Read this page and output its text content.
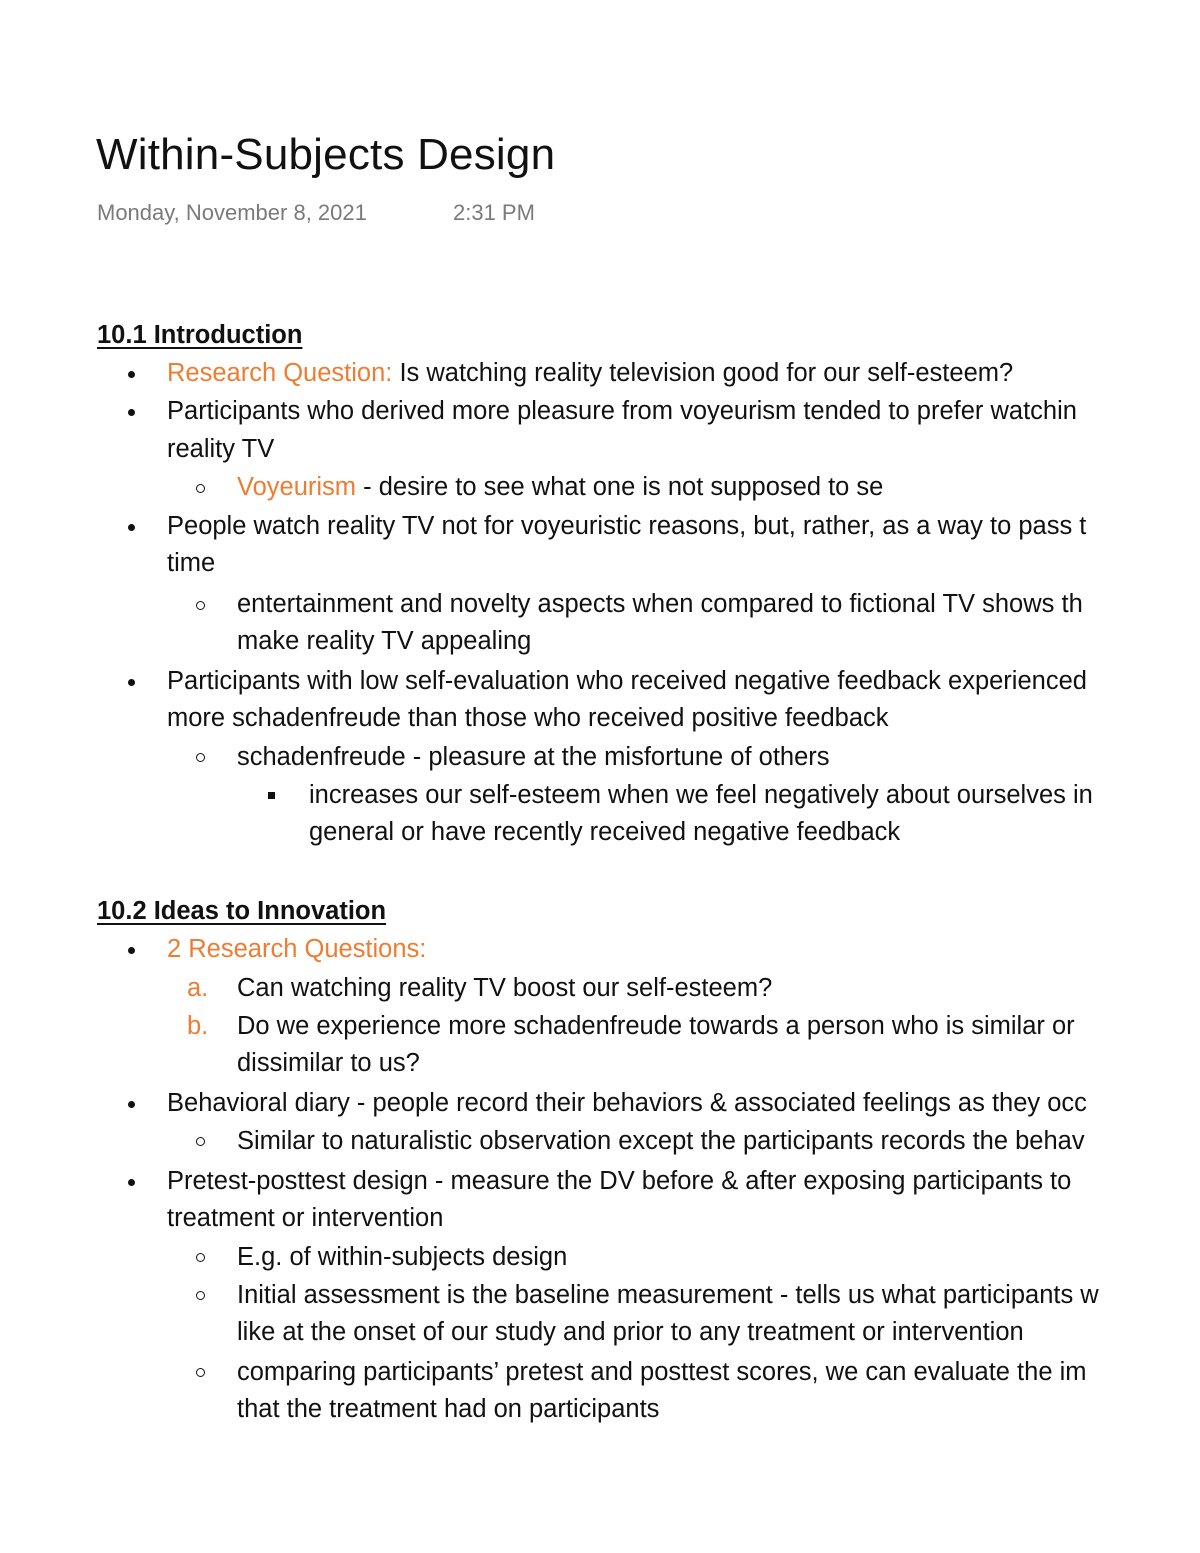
Within-Subjects Design
Monday, November 8, 2021	2:31 PM
10.1 Introduction
Research Question: Is watching reality television good for our self-esteem?
Participants who derived more pleasure from voyeurism tended to prefer watchin
reality TV
Voyeurism - desire to see what one is not supposed to se
People watch reality TV not for voyeuristic reasons, but, rather, as a way to pass t
time
entertainment and novelty aspects when compared to fictional TV shows th
make reality TV appealing
Participants with low self-evaluation who received negative feedback experienced
more schadenfreude than those who received positive feedback
schadenfreude - pleasure at the misfortune of others
increases our self-esteem when we feel negatively about ourselves in
general or have recently received negative feedback
10.2 Ideas to Innovation
2 Research Questions:
a. Can watching reality TV boost our self-esteem?
b. Do we experience more schadenfreude towards a person who is similar or
dissimilar to us?
Behavioral diary - people record their behaviors & associated feelings as they occ
Similar to naturalistic observation except the participants records the behav
Pretest-posttest design - measure the DV before & after exposing participants to
treatment or intervention
E.g. of within-subjects design
Initial assessment is the baseline measurement - tells us what participants w
like at the onset of our study and prior to any treatment or intervention
comparing participants’ pretest and posttest scores, we can evaluate the im
that the treatment had on participants
